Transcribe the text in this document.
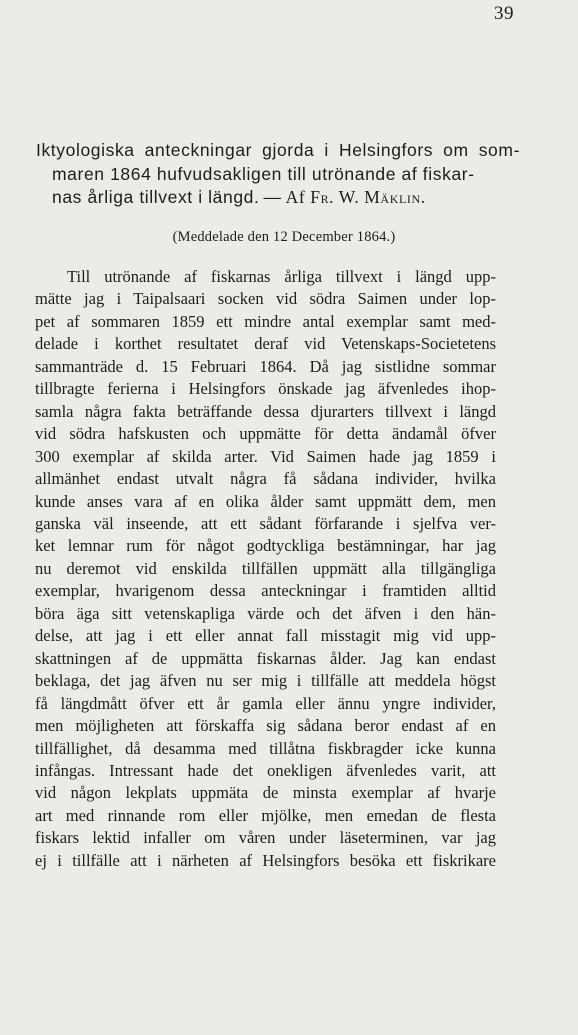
39
Iktyologiska anteckningar gjorda i Helsingfors om som-
maren 1864 hufvudsakligen till utrönande af fiskar-
nas årliga tillvext i längd. — Af Fr. W. Mäklin.
(Meddelade den 12 December 1864.)
Till utrönande af fiskarnas årliga tillvext i längd upp-
mätte jag i Taipalsaari socken vid södra Saimen under lop-
pet af sommaren 1859 ett mindre antal exemplar samt med-
delade i korthet resultatet deraf vid Vetenskaps-Societetens
sammanträde d. 15 Februari 1864. Då jag sistlidne sommar
tillbragte ferierna i Helsingfors önskade jag äfvenledes ihop-
samla några fakta beträffande dessa djurarters tillvext i längd
vid södra hafskusten och uppmätte för detta ändamål öfver
300 exemplar af skilda arter. Vid Saimen hade jag 1859 i
allmänhet endast utvalt några få sådana individer, hvilka
kunde anses vara af en olika ålder samt uppmätt dem, men
ganska väl inseende, att ett sådant förfarande i sjelfva ver-
ket lemnar rum för något godtyckliga bestämningar, har jag
nu deremot vid enskilda tillfällen uppmätt alla tillgängliga
exemplar, hvarigenom dessa anteckningar i framtiden alltid
böra äga sitt vetenskapliga värde och det äfven i den hän-
delse, att jag i ett eller annat fall misstagit mig vid upp-
skattningen af de uppmätta fiskarnas ålder. Jag kan endast
beklaga, det jag äfven nu ser mig i tillfälle att meddela högst
få längdmått öfver ett år gamla eller ännu yngre individer,
men möjligheten att förskaffa sig sådana beror endast af en
tillfällighet, då desamma med tillåtna fiskbragder icke kunna
infångas. Intressant hade det onekligen äfvenledes varit, att
vid någon lekplats uppmäta de minsta exemplar af hvarje
art med rinnande rom eller mjölke, men emedan de flesta
fiskars lektid infaller om våren under läseterminen, var jag
ej i tillfälle att i närheten af Helsingfors besöka ett fiskrikare
